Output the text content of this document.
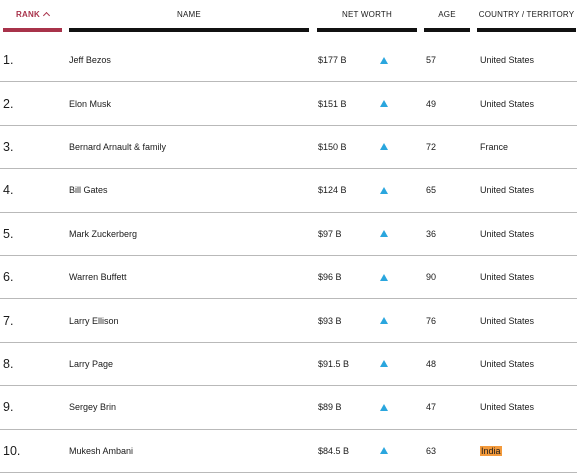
RANK	NAME	NET WORTH	AGE	COUNTRY / TERRITORY
1.	Jeff Bezos	$177 B	57	United States
2.	Elon Musk	$151 B	49	United States
3.	Bernard Arnault & family	$150 B	72	France
4.	Bill Gates	$124 B	65	United States
5.	Mark Zuckerberg	$97 B	36	United States
6.	Warren Buffett	$96 B	90	United States
7.	Larry Ellison	$93 B	76	United States
8.	Larry Page	$91.5 B	48	United States
9.	Sergey Brin	$89 B	47	United States
10.	Mukesh Ambani	$84.5 B	63	India
